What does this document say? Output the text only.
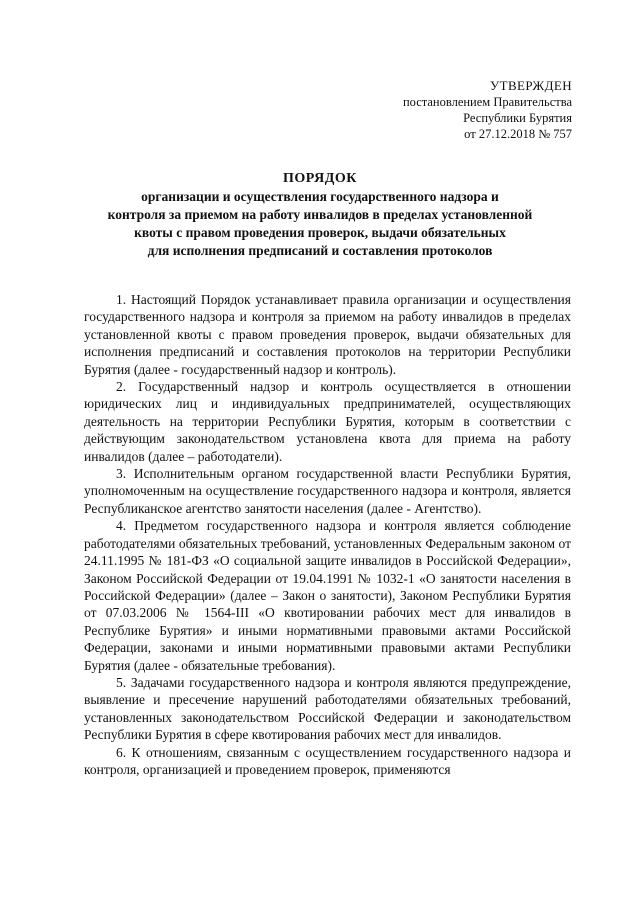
УТВЕРЖДЕН
постановлением Правительства
Республики Бурятия
от 27.12.2018 № 757
ПОРЯДОК

организации и осуществления государственного надзора и

контроля за приемом на работу инвалидов в пределах установленной

квоты с правом проведения проверок, выдачи обязательных

для исполнения предписаний и составления протоколов

1. Настоящий Порядок устанавливает правила организации и осуществления государственного надзора и контроля за приемом на работу инвалидов в пределах установленной квоты с правом проведения проверок, выдачи обязательных для исполнения предписаний и составления протоколов на территории Республики Бурятия (далее - государственный надзор и контроль).

2. Государственный надзор и контроль осуществляется в отношении юридических лиц и индивидуальных предпринимателей, осуществляющих деятельность на территории Республики Бурятия, которым в соответствии с действующим законодательством установлена квота для приема на работу инвалидов (далее – работодатели).

3. Исполнительным органом государственной власти Республики Бурятия, уполномоченным на осуществление государственного надзора и контроля, является Республиканское агентство занятости населения (далее - Агентство).

4. Предметом государственного надзора и контроля является соблюдение работодателями обязательных требований, установленных Федеральным законом от 24.11.1995 № 181-ФЗ «О социальной защите инвалидов в Российской Федерации», Законом Российской Федерации от 19.04.1991 № 1032-1 «О занятости населения в Российской Федерации» (далее – Закон о занятости), Законом Республики Бурятия от 07.03.2006 № 1564-III «О квотировании рабочих мест для инвалидов в Республике Бурятия» и иными нормативными правовыми актами Российской Федерации, законами и иными нормативными правовыми актами Республики Бурятия (далее - обязательные требования).

5. Задачами государственного надзора и контроля являются предупреждение, выявление и пресечение нарушений работодателями обязательных требований, установленных законодательством Российской Федерации и законодательством Республики Бурятия в сфере квотирования рабочих мест для инвалидов.

6. К отношениям, связанным с осуществлением государственного надзора и контроля, организацией и проведением проверок, применяются
